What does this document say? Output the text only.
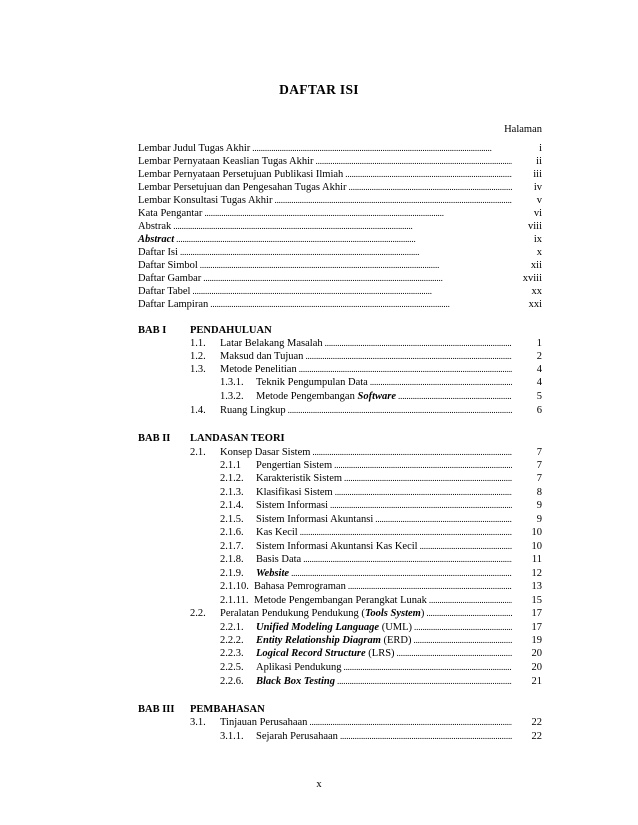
DAFTAR ISI
Halaman
Lembar Judul Tugas Akhir . . .	i
Lembar Pernyataan Keaslian Tugas Akhir . . .	ii
Lembar Pernyataan Persetujuan Publikasi Ilmiah . . .	iii
Lembar Persetujuan dan Pengesahan Tugas Akhir . . .	iv
Lembar Konsultasi Tugas Akhir . . .	v
Kata Pengantar . . .	vi
Abstrak . . .	viii
Abstract . . .	ix
Daftar Isi . . .	x
Daftar Simbol . . .	xii
Daftar Gambar . . .	xviii
Daftar Tabel . . .	xx
Daftar Lampiran . . .	xxi
BAB I PENDAHULUAN
1.1.	Latar Belakang Masalah . . .	1
1.2.	Maksud dan Tujuan . . .	2
1.3.	Metode Penelitian . . .	4
1.3.1.	Teknik Pengumpulan Data . . .	4
1.3.2.	Metode Pengembangan Software . . .	5
1.4.	Ruang Lingkup . . .	6
BAB II LANDASAN TEORI
2.1.	Konsep Dasar Sistem . . .	7
2.1.1	Pengertian Sistem . . .	7
2.1.2.	Karakteristik Sistem . . .	7
2.1.3.	Klasifikasi Sistem . . .	8
2.1.4.	Sistem Informasi . . .	9
2.1.5.	Sistem Informasi Akuntansi . . .	9
2.1.6.	Kas Kecil . . .	10
2.1.7.	Sistem Informasi Akuntansi Kas Kecil . . .	10
2.1.8.	Basis Data . . .	11
2.1.9.	Website . . .	12
2.1.10. Bahasa Pemrograman . . .	13
2.1.11. Metode Pengembangan Perangkat Lunak . . .	15
2.2.	Peralatan Pendukung Pendukung (Tools System) . . .	17
2.2.1.	Unified Modeling Language (UML) . . .	17
2.2.2.	Entity Relationship Diagram (ERD) . . .	19
2.2.3.	Logical Record Structure (LRS) . . .	20
2.2.5.	Aplikasi Pendukung . . .	20
2.2.6.	Black Box Testing . . .	21
BAB III PEMBAHASAN
3.1.	Tinjauan Perusahaan . . .	22
3.1.1.	Sejarah Perusahaan . . .	22
x
